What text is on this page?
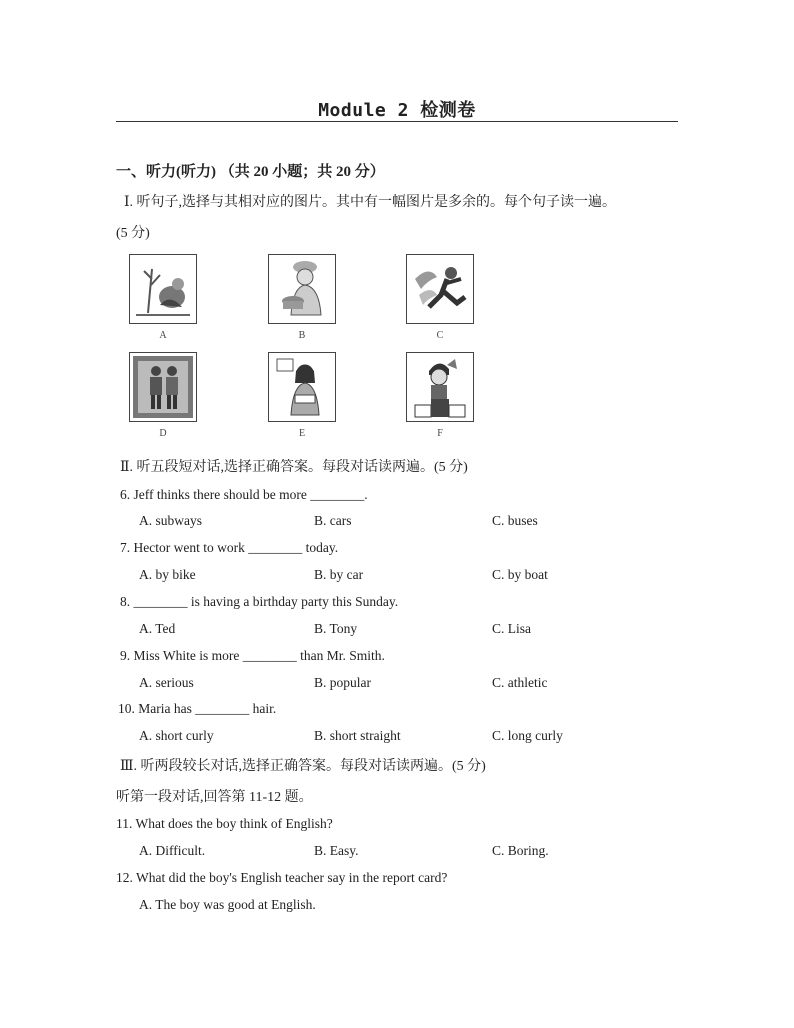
Module 2 检测卷
一、听力(听力) （共 20 小题；共 20 分）
Ⅰ. 听句子,选择与其相对应的图片。其中有一幅图片是多余的。每个句子读一遍。
(5 分)
A	B	C
D	E	F
Ⅱ. 听五段短对话,选择正确答案。每段对话读两遍。(5 分)
6. Jeff thinks there should be more ________.
A. subways	B. cars	C. buses
7. Hector went to work ________ today.
A. by bike	B. by car	C. by boat
8. ________ is having a birthday party this Sunday.
A. Ted	B. Tony	C. Lisa
9. Miss White is more ________ than Mr. Smith.
A. serious	B. popular	C. athletic
10. Maria has ________ hair.
A. short curly	B. short straight	C. long curly
Ⅲ. 听两段较长对话,选择正确答案。每段对话读两遍。(5 分)
听第一段对话,回答第 11-12 题。
11. What does the boy think of English?
A. Difficult.	B. Easy.	C. Boring.
12. What did the boy's English teacher say in the report card?
A. The boy was good at English.
